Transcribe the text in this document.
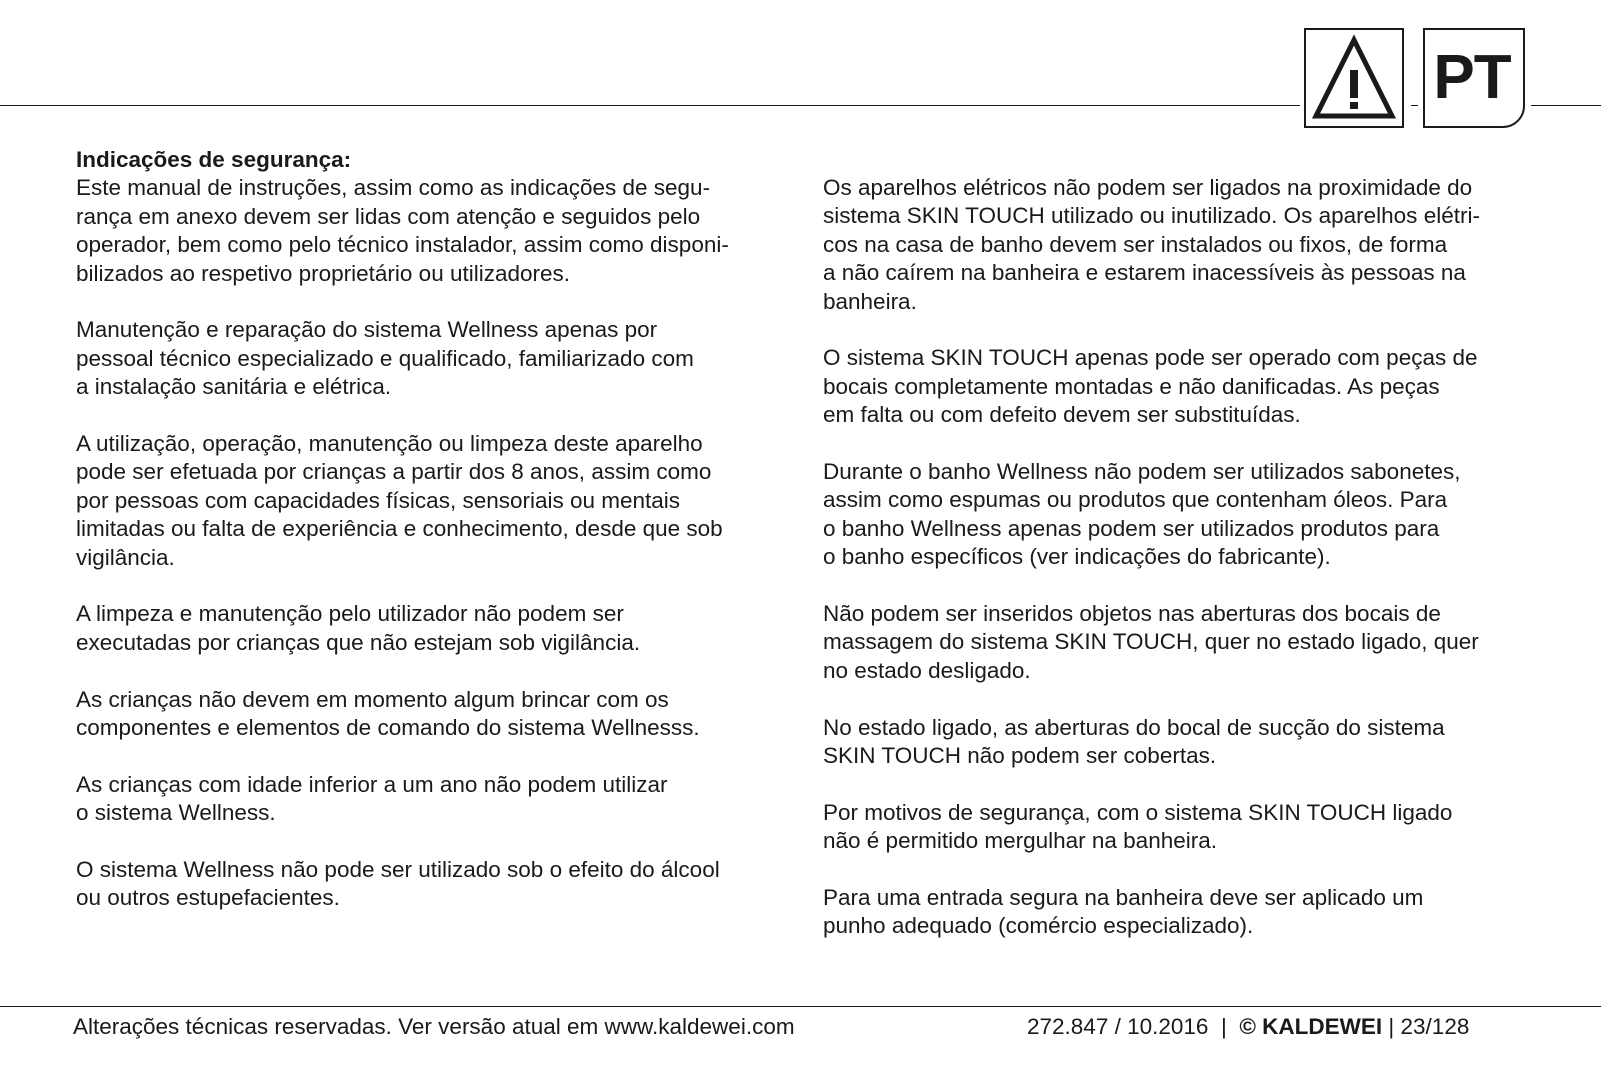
PT
Indicações de segurança:

Este manual de instruções, assim como as indicações de segu-
rança em anexo devem ser lidas com atenção e seguidos pelo
operador, bem como pelo técnico instalador, assim como disponi-
bilizados ao respetivo proprietário ou utilizadores.

Manutenção e reparação do sistema Wellness apenas por
pessoal técnico especializado e qualificado, familiarizado com
a instalação sanitária e elétrica.

A utilização, operação, manutenção ou limpeza deste aparelho
pode ser efetuada por crianças a partir dos 8 anos, assim como
por pessoas com capacidades físicas, sensoriais ou mentais
limitadas ou falta de experiência e conhecimento, desde que sob
vigilância.

A limpeza e manutenção pelo utilizador não podem ser
executadas por crianças que não estejam sob vigilância.

As crianças não devem em momento algum brincar com os
componentes e elementos de comando do sistema Wellnesss.

As crianças com idade inferior a um ano não podem utilizar
o sistema Wellness.

O sistema Wellness não pode ser utilizado sob o efeito do álcool
ou outros estupefacientes.

Os aparelhos elétricos não podem ser ligados na proximidade do
sistema SKIN TOUCH utilizado ou inutilizado. Os aparelhos elétri-
cos na casa de banho devem ser instalados ou fixos, de forma
a não caírem na banheira e estarem inacessíveis às pessoas na
banheira.

O sistema SKIN TOUCH apenas pode ser operado com peças de
bocais completamente montadas e não danificadas. As peças
em falta ou com defeito devem ser substituídas.

Durante o banho Wellness não podem ser utilizados sabonetes,
assim como espumas ou produtos que contenham óleos. Para
o banho Wellness apenas podem ser utilizados produtos para
o banho específicos (ver indicações do fabricante).

Não podem ser inseridos objetos nas aberturas dos bocais de
massagem do sistema SKIN TOUCH, quer no estado ligado, quer
no estado desligado.

No estado ligado, as aberturas do bocal de sucção do sistema
SKIN TOUCH não podem ser cobertas.

Por motivos de segurança, com o sistema SKIN TOUCH ligado
não é permitido mergulhar na banheira.

Para uma entrada segura na banheira deve ser aplicado um
punho adequado (comércio especializado).

Alterações técnicas reservadas. Ver versão atual em www.kaldewei.com	272.847 / 10.2016 | © KALDEWEI | 23/128
